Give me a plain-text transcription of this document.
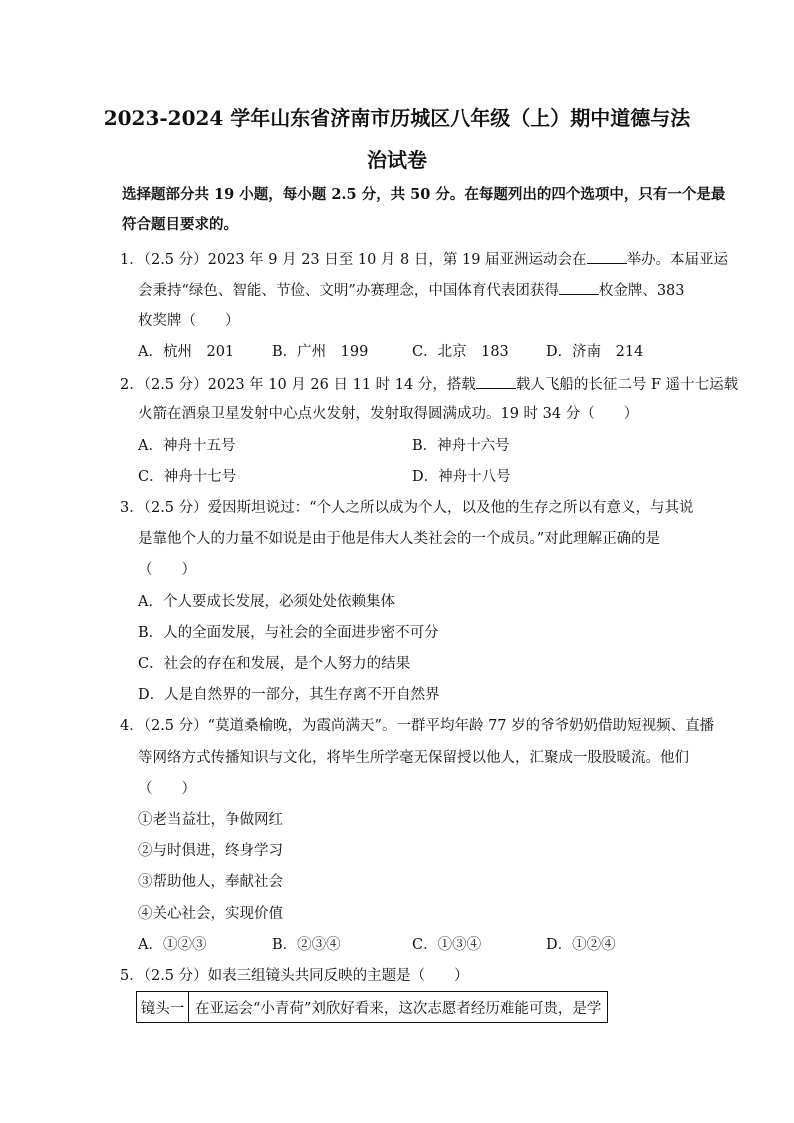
2023-2024 学年山东省济南市历城区八年级（上）期中道德与法
治试卷
选择题部分共 19 小题，每小题 2.5 分，共 50 分。在每题列出的四个选项中，只有一个是最
符合题目要求的。
1．（2.5 分）2023 年 9 月 23 日至 10 月 8 日，第 19 届亚洲运动会在	举办。本届亚运
会秉持“绿色、智能、节俭、文明”办赛理念，中国体育代表团获得	枚金牌、383
枚奖牌（　　）
A．杭州　201	B．广州　199	C．北京　183	D．济南　214
2．（2.5 分）2023 年 10 月 26 日 11 时 14 分，搭载	载人飞船的长征二号 F 遥十七运载
火箭在酒泉卫星发射中心点火发射，发射取得圆满成功。19 时 34 分（　　）
A．神舟十五号	B．神舟十六号
C．神舟十七号	D．神舟十八号
3．（2.5 分）爱因斯坦说过：“个人之所以成为个人，以及他的生存之所以有意义，与其说
是靠他个人的力量不如说是由于他是伟大人类社会的一个成员。”对此理解正确的是
（　　）
A．个人要成长发展，必须处处依赖集体
B．人的全面发展，与社会的全面进步密不可分
C．社会的存在和发展，是个人努力的结果
D．人是自然界的一部分，其生存离不开自然界
4．（2.5 分）“莫道桑榆晚，为霞尚满天”。一群平均年龄 77 岁的爷爷奶奶借助短视频、直播
等网络方式传播知识与文化，将毕生所学毫无保留授以他人，汇聚成一股股暖流。他们
（　　）
①老当益壮，争做网红
②与时俱进，终身学习
③帮助他人，奉献社会
④关心社会，实现价值
A．①②③	B．②③④	C．①③④	D．①②④
5．（2.5 分）如表三组镜头共同反映的主题是（　　）
镜头一	在亚运会“小青荷”刘欣好看来，这次志愿者经历难能可贵，是学
